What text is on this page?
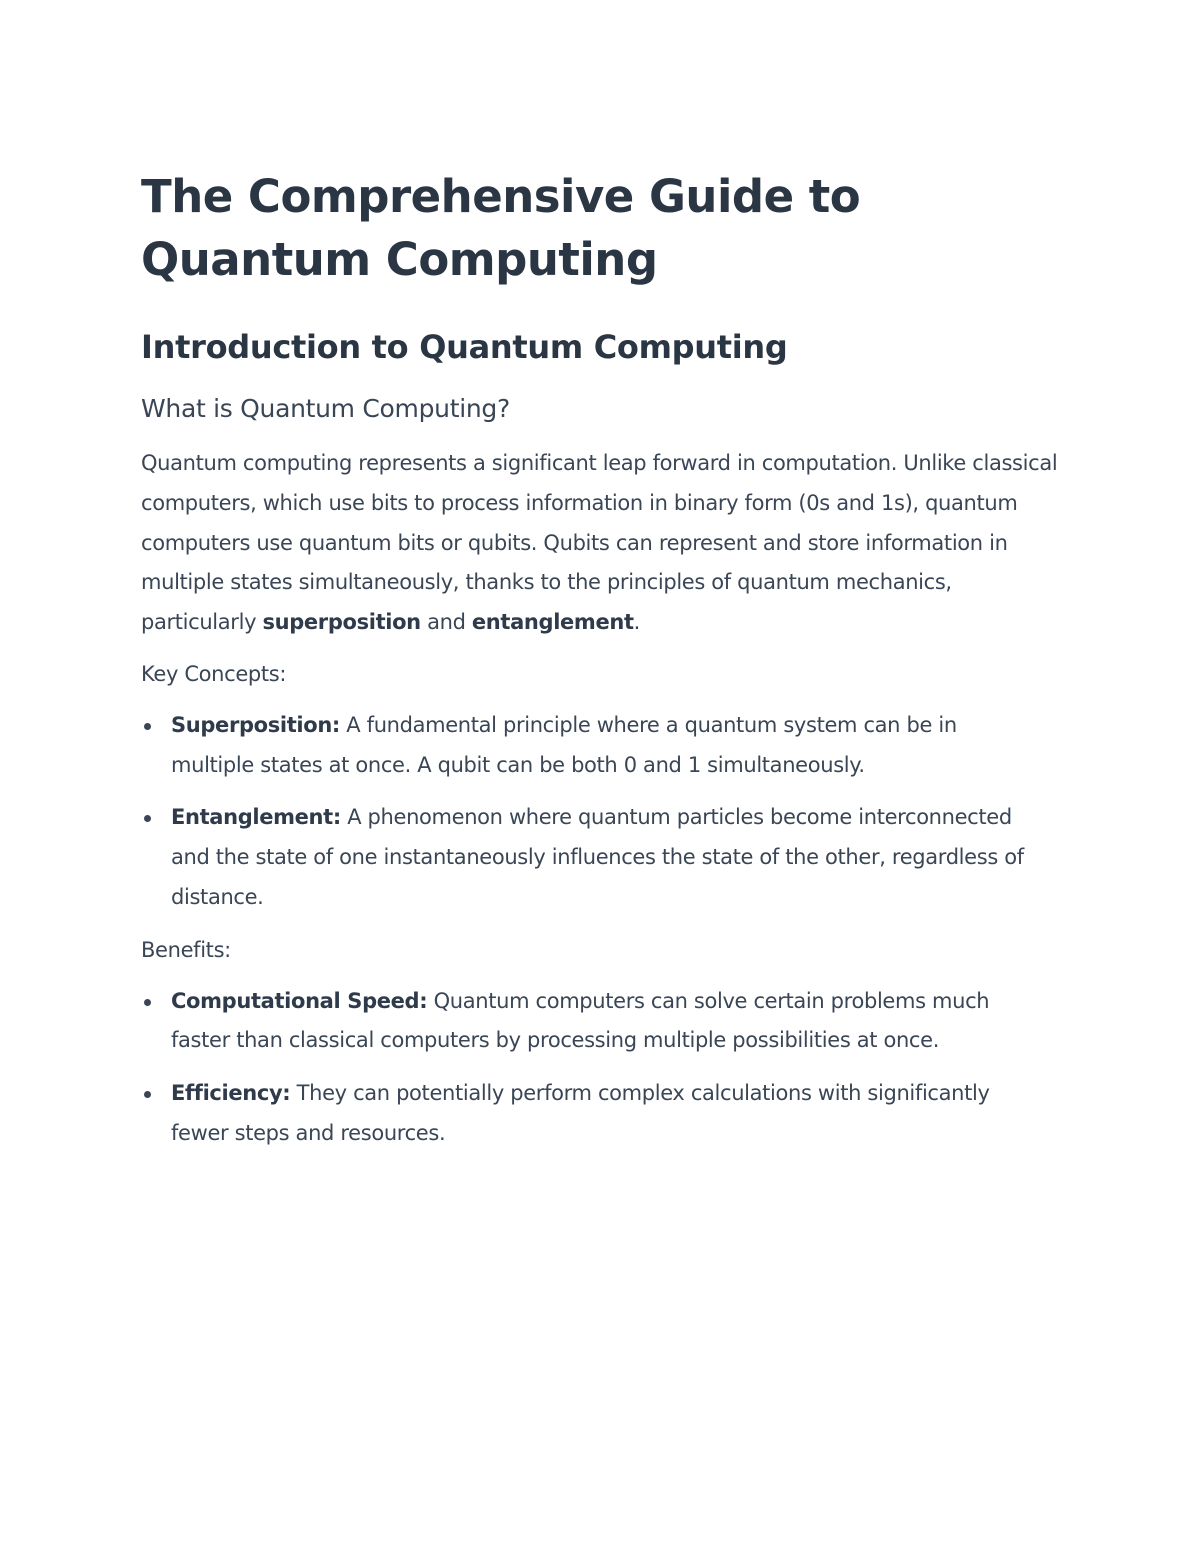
The Comprehensive Guide to Quantum Computing
Introduction to Quantum Computing
What is Quantum Computing?

Quantum computing represents a significant leap forward in computation. Unlike classical computers, which use bits to process information in binary form (0s and 1s), quantum computers use quantum bits or qubits. Qubits can represent and store information in multiple states simultaneously, thanks to the principles of quantum mechanics, particularly superposition and entanglement.

Key Concepts:

Superposition: A fundamental principle where a quantum system can be in multiple states at once. A qubit can be both 0 and 1 simultaneously.
Entanglement: A phenomenon where quantum particles become interconnected and the state of one instantaneously influences the state of the other, regardless of distance.

Benefits:

Computational Speed: Quantum computers can solve certain problems much faster than classical computers by processing multiple possibilities at once.
Efficiency: They can potentially perform complex calculations with significantly fewer steps and resources.
